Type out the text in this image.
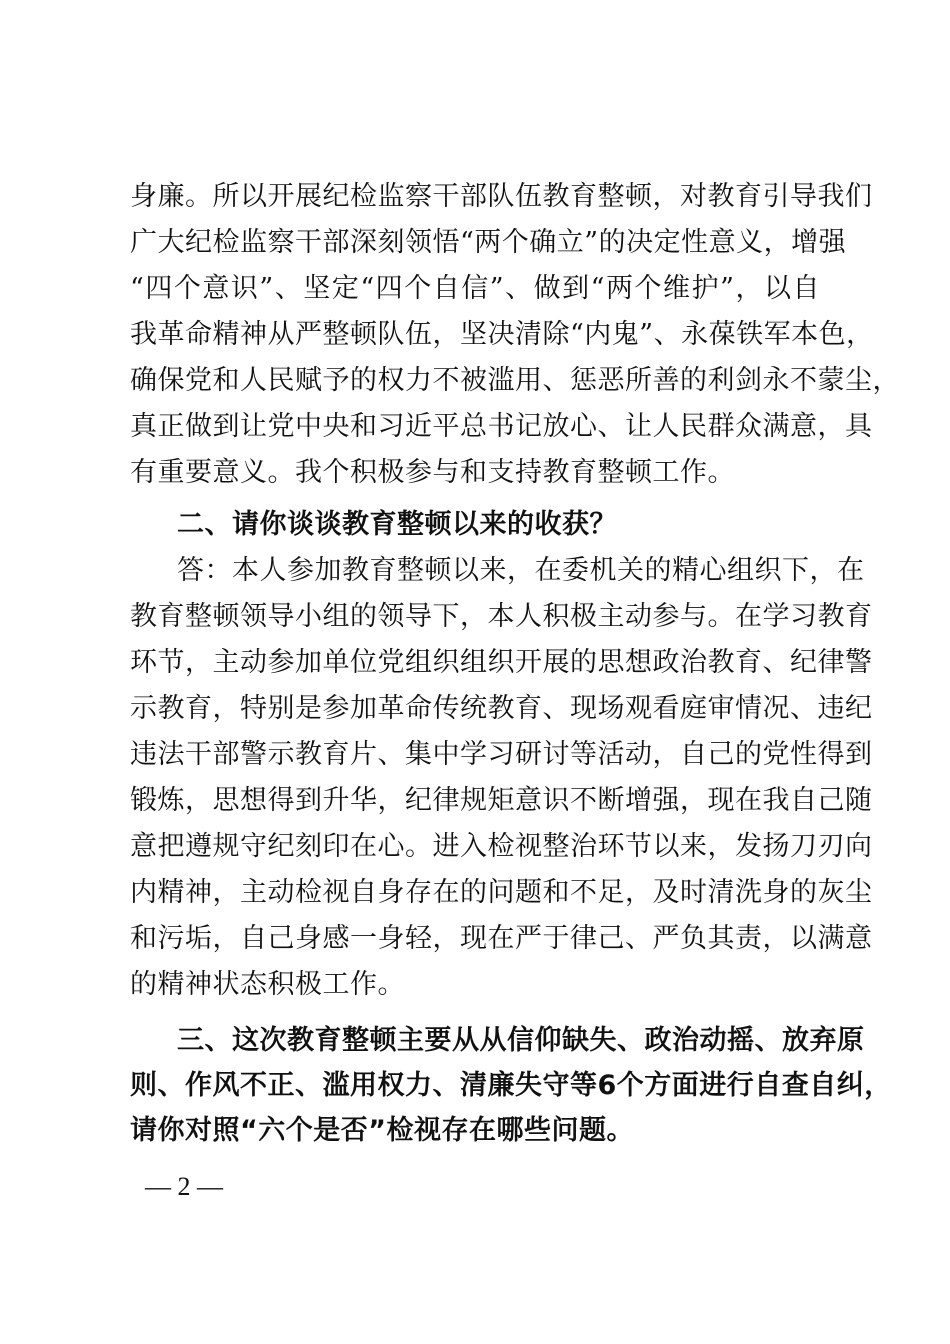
身廉。所以开展纪检监察干部队伍教育整顿，对教育引导我们
广大纪检监察干部深刻领悟“两个确立”的决定性意义，增强
“四个意识”、坚定“四个自信”、做到“两个维护”，以自
我革命精神从严整顿队伍，坚决清除“内鬼”、永葆铁军本色，
确保党和人民赋予的权力不被滥用、惩恶所善的利剑永不蒙尘，
真正做到让党中央和习近平总书记放心、让人民群众满意，具
有重要意义。我个积极参与和支持教育整顿工作。
二、请你谈谈教育整顿以来的收获？
答：本人参加教育整顿以来，在委机关的精心组织下，在
教育整顿领导小组的领导下，本人积极主动参与。在学习教育
环节，主动参加单位党组织组织开展的思想政治教育、纪律警
示教育，特别是参加革命传统教育、现场观看庭审情况、违纪
违法干部警示教育片、集中学习研讨等活动，自己的党性得到
锻炼，思想得到升华，纪律规矩意识不断增强，现在我自己随
意把遵规守纪刻印在心。进入检视整治环节以来，发扬刀刃向
内精神，主动检视自身存在的问题和不足，及时清洗身的灰尘
和污垢，自己身感一身轻，现在严于律己、严负其责，以满意
的精神状态积极工作。
三、这次教育整顿主要从从信仰缺失、政治动摇、放弃原
则、作风不正、滥用权力、清廉失守等6个方面进行自查自纠，
请你对照“六个是否”检视存在哪些问题。
— 2 —
